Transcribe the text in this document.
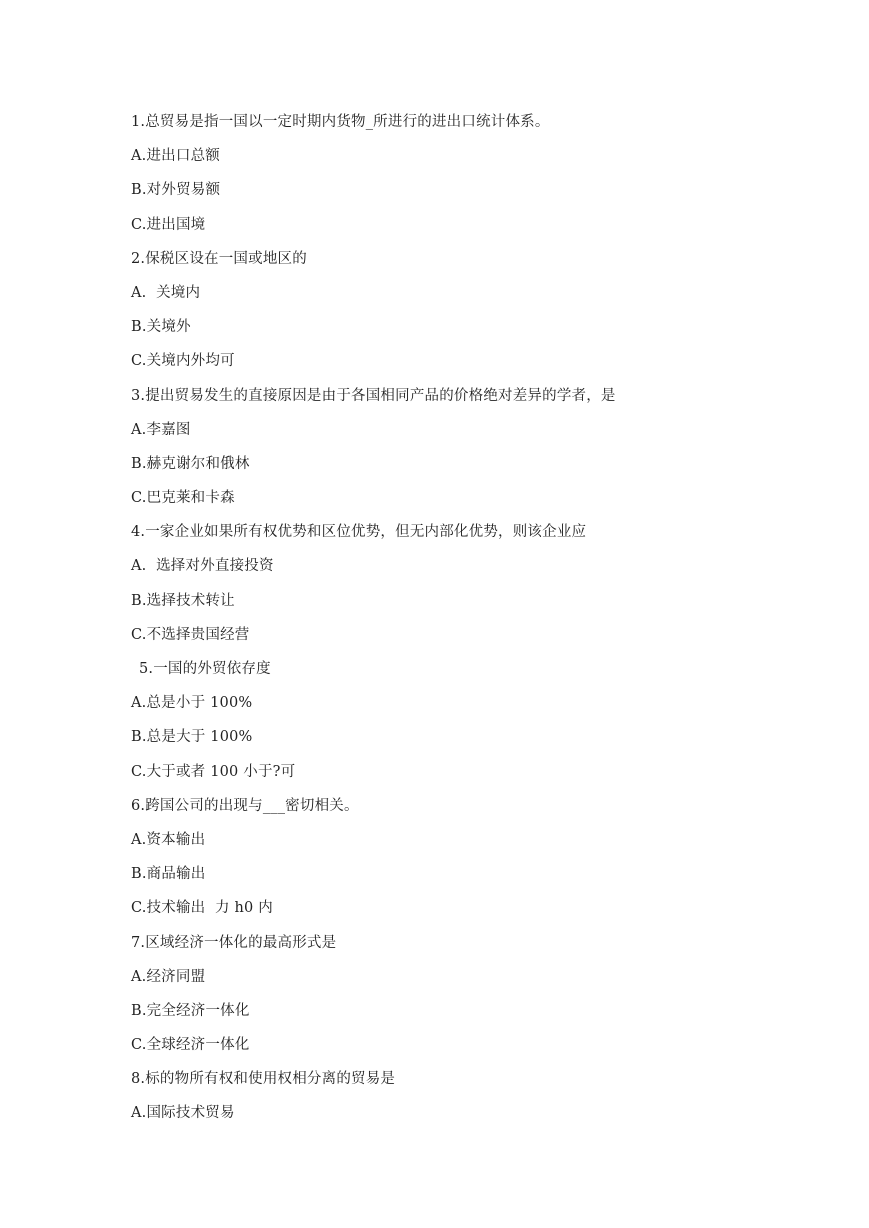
1.总贸易是指一国以一定时期内货物_所进行的进出口统计体系。
A.进出口总额
B.对外贸易额
C.进出国境
2.保税区设在一国或地区的
A.  关境内
B.关境外
C.关境内外均可
3.提出贸易发生的直接原因是由于各国相同产品的价格绝对差异的学者，是
A.李嘉图
B.赫克谢尔和俄林
C.巴克莱和卡森
4.一家企业如果所有权优势和区位优势，但无内部化优势，则该企业应
A.  选择对外直接投资
B.选择技术转让
C.不选择贵国经营
5.一国的外贸依存度
A.总是小于 100%
B.总是大于 100%
C.大于或者 100 小于?可
6.跨国公司的出现与___密切相关。
A.资本输出
B.商品输出
C.技术输出  力 h0 内
7.区域经济一体化的最高形式是
A.经济同盟
B.完全经济一体化
C.全球经济一体化
8.标的物所有权和使用权相分离的贸易是
A.国际技术贸易
